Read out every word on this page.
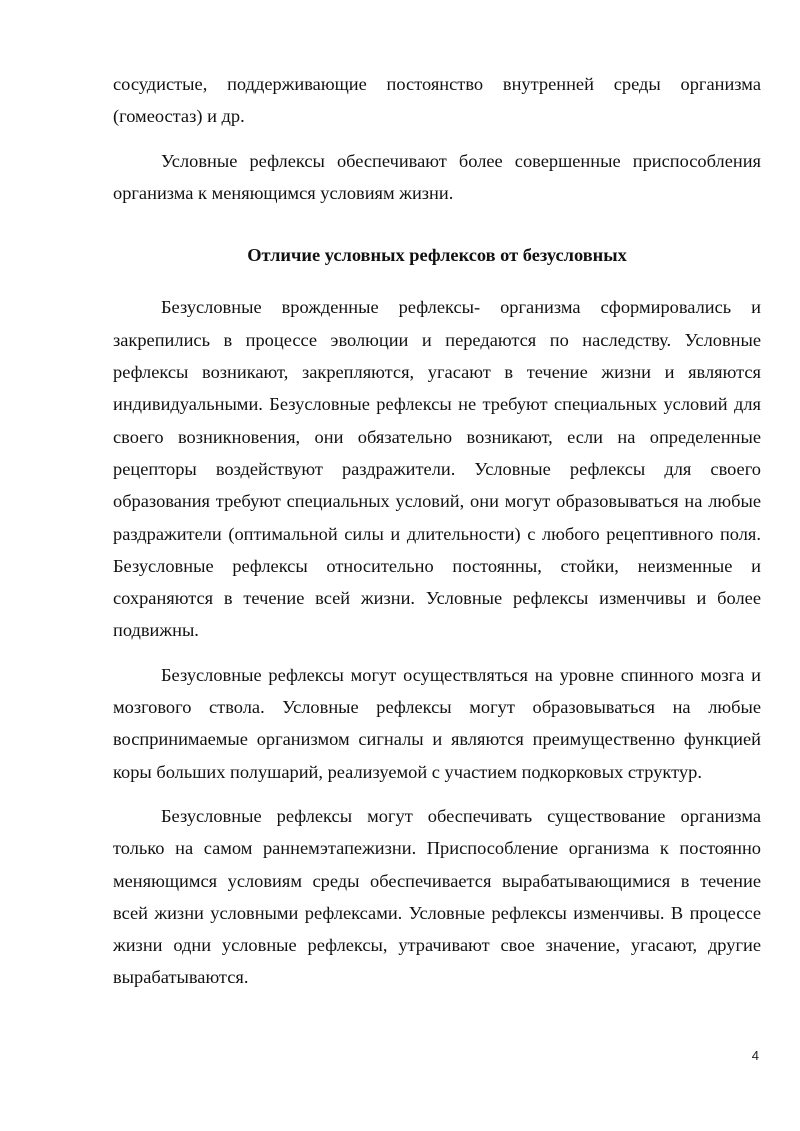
сосудистые, поддерживающие постоянство внутренней среды организма (гомеостаз) и др.

Условные рефлексы обеспечивают более совершенные приспособления организма к меняющимся условиям жизни.

Отличие условных рефлексов от безусловных

Безусловные врожденные рефлексы- организма сформировались и закрепились в процессе эволюции и передаются по наследству. Условные рефлексы возникают, закрепляются, угасают в течение жизни и являются индивидуальными. Безусловные рефлексы не требуют специальных условий для своего возникновения, они обязательно возникают, если на определенные рецепторы воздействуют раздражители. Условные рефлексы для своего образования требуют специальных условий, они могут образовываться на любые раздражители (оптимальной силы и длительности) с любого рецептивного поля. Безусловные рефлексы относительно постоянны, стойки, неизменные и сохраняются в течение всей жизни. Условные рефлексы изменчивы и более подвижны.

Безусловные рефлексы могут осуществляться на уровне спинного мозга и мозгового ствола. Условные рефлексы могут образовываться на любые воспринимаемые организмом сигналы и являются преимущественно функцией коры больших полушарий, реализуемой с участием подкорковых структур.

Безусловные рефлексы могут обеспечивать существование организма только на самом раннемэтапежизни. Приспособление организма к постоянно меняющимся условиям среды обеспечивается вырабатывающимися в течение всей жизни условными рефлексами. Условные рефлексы изменчивы. В процессе жизни одни условные рефлексы, утрачивают свое значение, угасают, другие вырабатываются.

4
